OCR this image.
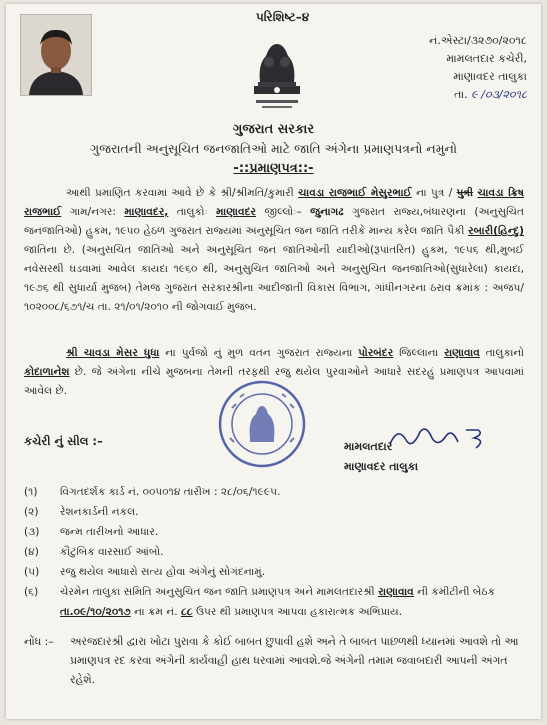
પરિશિષ્ટ–૪
નં.એસ્ટા/૩૨૭૦/૨૦૧૮
મામલતદાર કચેરી,
માણાવદર તાલુકા
તા. ૯ /૦૩/૨૦૧૮
ગુજરાત સરકાર
ગુજરાતની અનુસૂચિત જનજાતિઓ માટે જાતિ અંગેના પ્રમાણપત્રનો નમુનો
-::પ્રમાણપત્ર::-
આથી પ્રમાણિત કરવામાં આવે છે કે શ્રી/શ્રીમતિ/કુમારી ચાવડા રાજભાઈ મેસુરભાઈ ના પુત્ર / પુત્રી ચાવડા ક્રિષ રાજભાઈ ગામ/નગર: માણાવદર, તાલુકોઃ માણાવદર જીલ્લોઃ– જુનાગઢ ગુજરાત રાજ્ય,બંધારણના (અનુસુચિત જનજાતિઓ) હુકમ, ૧૯૫૦ હેઠળ ગુજરાત રાજ્યમાં અનુસૂચિત જન જાતિ તરીકે માન્ય કરેલ જાતિ પૈકી રબારી(હિન્દુ) જાતિના છે. (અનુસચિત જાતિઓ અને અનુસૂચિત જન જાતિઓની યાદીઓ(રૂપાંતરિત) હુકમ, ૧૯૫૬ થી,મુબઈ નવેસરથી ઘડવામાં આવેલ કાયદા ૧૯૬૦ થી, અનુસુચિત જાતિઓ અને અનુસુચિત જનજાતિઓ(સુધારેલા) કાયદા, ૧૯૭૬ થી સુધાર્યા મુજબ) તેમજ ગુજરાત સરકારશ્રીના આદીજાતી વિકાસ વિભાગ, ગાંધીનગરના ઠરાવ ક્રમાંક : અજપ/૧૦૨૦૦૮/૬૭૧/ચ તા. ૨૧/૦૧/૨૦૧૦ ની જોગવાઈ મુજબ.
શ્રી ચાવડા મેસર ધુધા ના પુર્વજો નું મુળ વતન ગુજરાત રાજ્યના પોરબંદર જિલ્લાના રાણાવાવ તાલુકાનો કોદાળાનેશ છે. જે અંગેના નીચે મુજબના તેમની તરફથી રજુ થયેલ પુરવાઓને આધારે સદરહું પ્રમાણપત્ર આપવામાં આવેલ છે.
કચેરી નું સીલ :–	મામલતદાર
માણાવદર તાલુકા
(૧)	વિગતદર્શક કાર્ડ નં. ૦૦૫૦૧૪ તારીખ : ૨૮/૦૬/૧૯૯૫.
(૨)	રેશનકાર્ડની નકલ.
(૩)	જન્મ તારીખનો આધાર.
(૪)	કૌટુંબિક વારસાઈ આંબો.
(૫)	રજુ થયેલ આધારો સત્ય હોવા અંગેનું સોગંદનામું.
(૬)	ચેરમેન તાલુકા સમિતિ અનુસુચિત જન જાતિ પ્રમાણપત્ર અને મામલતદારશ્રી રાણાવાવ ની કમીટીની બેઠક તા.૦૯/૧૦/૨૦૧૭ ના ક્રમ નં. ૮૮ ઉપર થી પ્રમાણપત્ર આપવા હકારાત્મક અભિપ્રાય.
નોંધ :–	અરજદારશ્રી દ્વારા ખોટા પુરાવા કે કોઈ બાબત છુપાવી હશે અને તે બાબત પાછળથી ધ્યાનમાં આવશે તો આ પ્રમાણપત્ર રદ કરવા અંગેની કાર્યવાહી હાથ ધરવામાં આવશે.જે અંગેની તમામ જવાબદારી આપની અંગત રહેશે.
